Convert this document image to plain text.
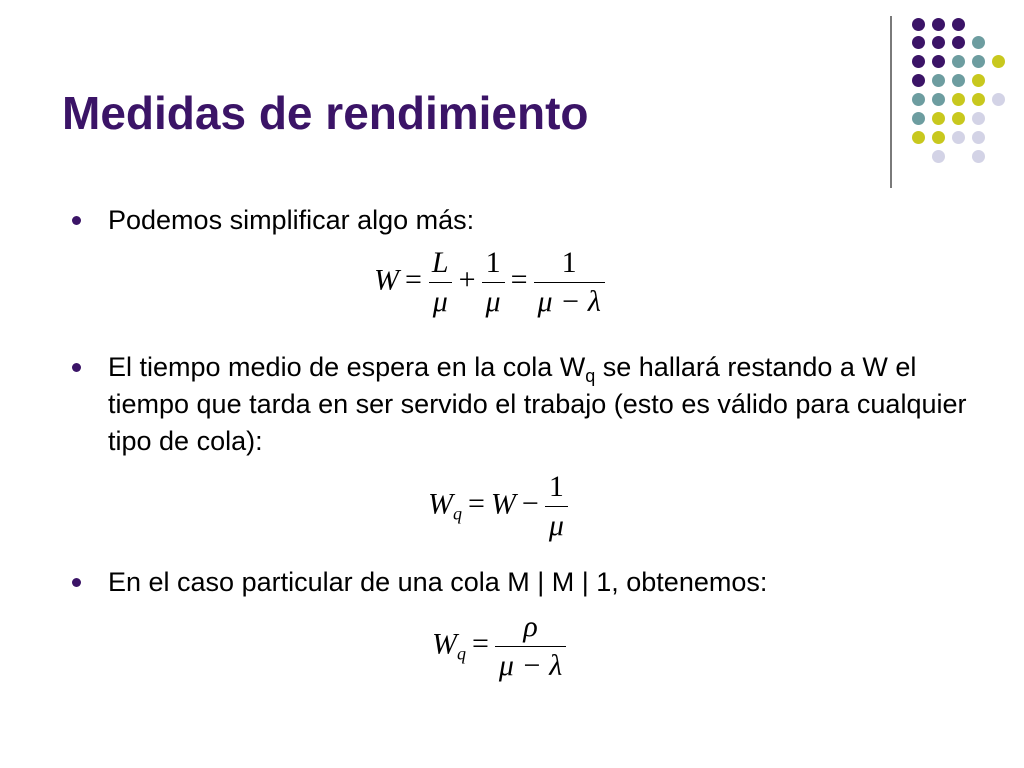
Medidas de rendimiento

Podemos simplificar algo más:

$W = \frac{L}{\mu} + \frac{1}{\mu} = \frac{1}{\mu - \lambda}$

El tiempo medio de espera en la cola $W_q$ se hallará restando a W el tiempo que tarda en ser servido el trabajo (esto es válido para cualquier tipo de cola):

$W_q = W - \frac{1}{\mu}$

En el caso particular de una cola M | M | 1, obtenemos:

$W_q = \frac{\rho}{\mu - \lambda}$
